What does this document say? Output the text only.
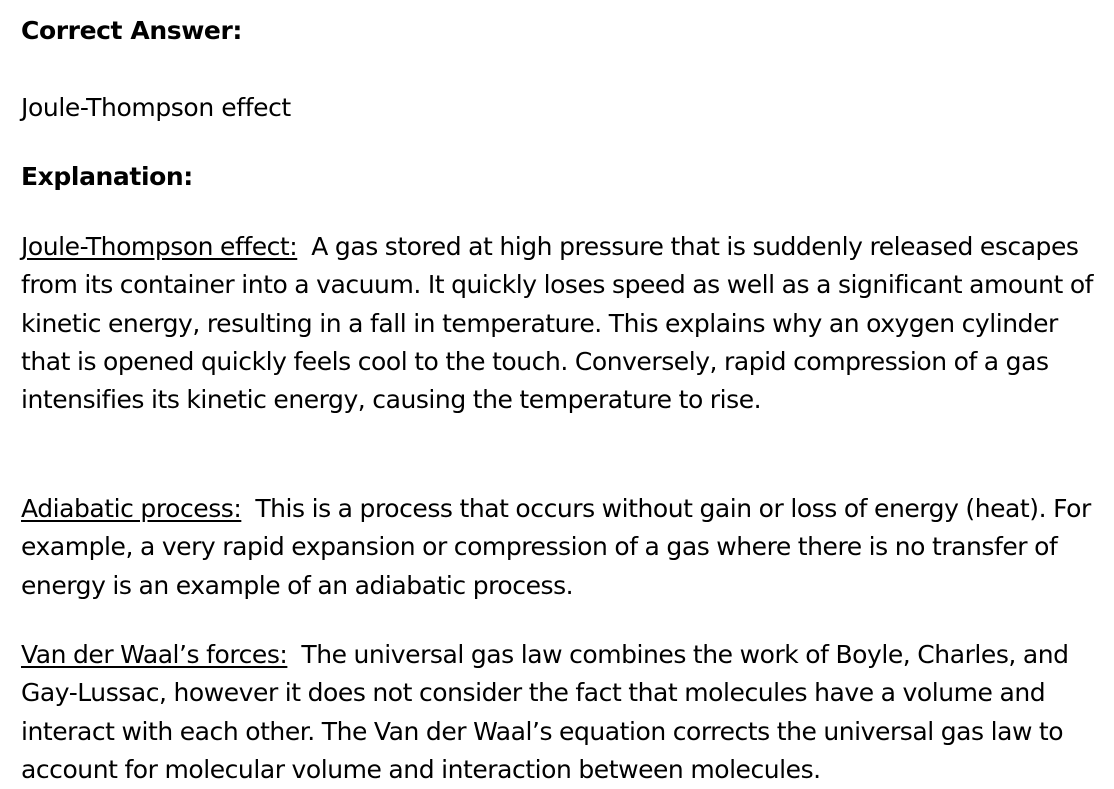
Correct Answer:

Joule-Thompson effect

Explanation:

Joule-Thompson effect: A gas stored at high pressure that is suddenly released escapes from its container into a vacuum. It quickly loses speed as well as a significant amount of kinetic energy, resulting in a fall in temperature. This explains why an oxygen cylinder that is opened quickly feels cool to the touch. Conversely, rapid compression of a gas intensifies its kinetic energy, causing the temperature to rise.

Adiabatic process: This is a process that occurs without gain or loss of energy (heat). For example, a very rapid expansion or compression of a gas where there is no transfer of energy is an example of an adiabatic process.

Van der Waal’s forces: The universal gas law combines the work of Boyle, Charles, and Gay-Lussac, however it does not consider the fact that molecules have a volume and interact with each other. The Van der Waal’s equation corrects the universal gas law to account for molecular volume and interaction between molecules.
